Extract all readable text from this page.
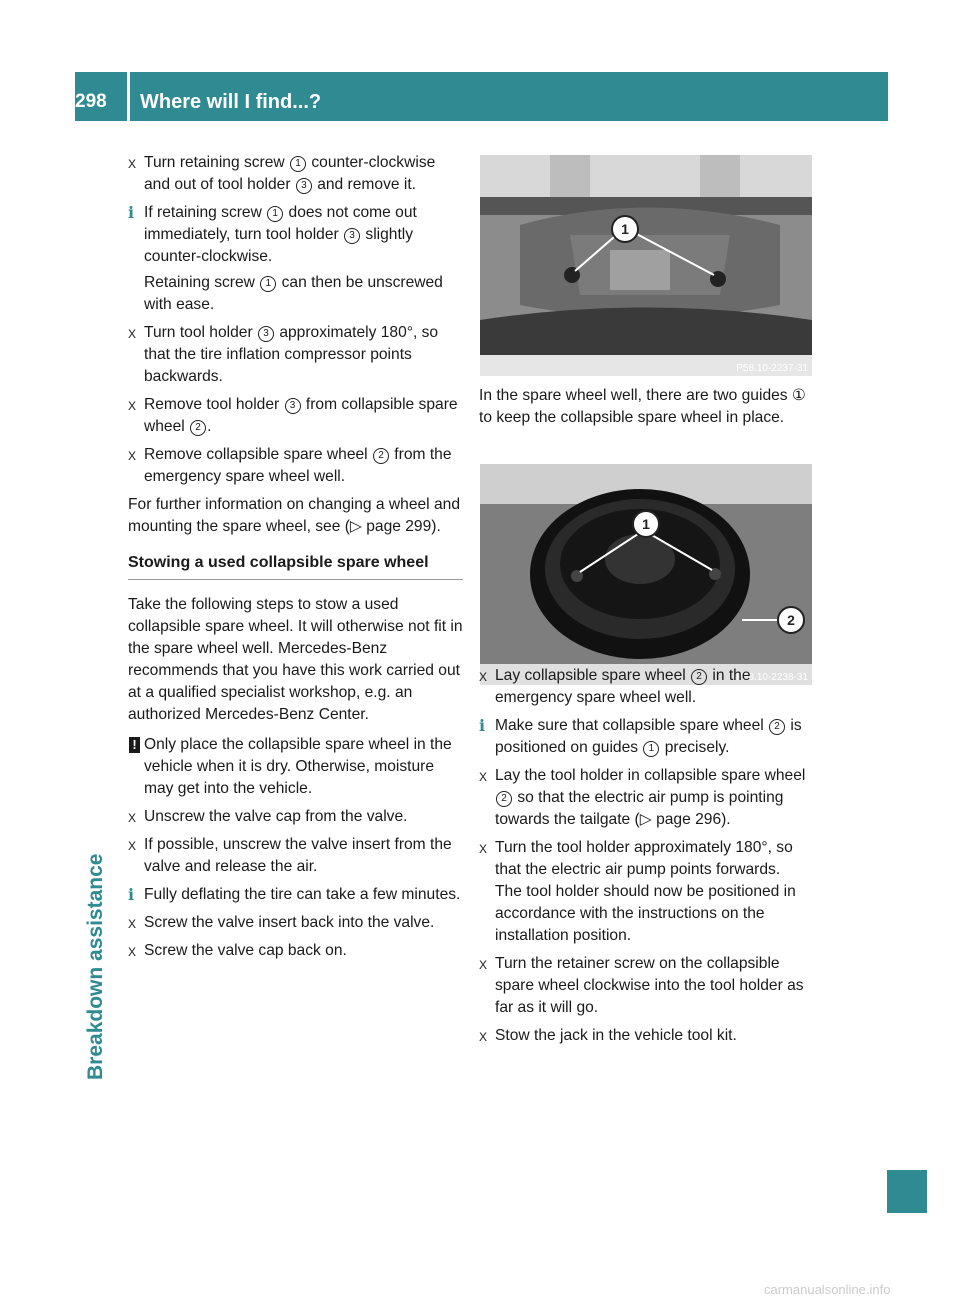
298	Where will I find...?
Breakdown assistance
X Turn retaining screw 1 counter-clockwise and out of tool holder 3 and remove it.
i If retaining screw 1 does not come out immediately, turn tool holder 3 slightly counter-clockwise.
Retaining screw 1 can then be unscrewed with ease.
X Turn tool holder 3 approximately 180°, so that the tire inflation compressor points backwards.
X Remove tool holder 3 from collapsible spare wheel 2 .
X Remove collapsible spare wheel 2 from the emergency spare wheel well.
For further information on changing a wheel and mounting the spare wheel, see (▷ page 299).
Stowing a used collapsible spare wheel
Take the following steps to stow a used collapsible spare wheel. It will otherwise not fit in the spare wheel well. Mercedes-Benz recommends that you have this work carried out at a qualified specialist workshop, e.g. an authorized Mercedes-Benz Center.
! Only place the collapsible spare wheel in the vehicle when it is dry. Otherwise, moisture may get into the vehicle.
X Unscrew the valve cap from the valve.
X If possible, unscrew the valve insert from the valve and release the air.
i Fully deflating the tire can take a few minutes.
X Screw the valve insert back into the valve.
X Screw the valve cap back on.
1
P58.10-2237-31
1
2
P58.10-2238-31
In the spare wheel well, there are two guides ① to keep the collapsible spare wheel in place.
X Lay collapsible spare wheel 2 in the emergency spare wheel well.
i Make sure that collapsible spare wheel 2 is positioned on guides 1 precisely.
X Lay the tool holder in collapsible spare wheel 2 so that the electric air pump is pointing towards the tailgate (▷ page 296).
X Turn the tool holder approximately 180°, so that the electric air pump points forwards.
The tool holder should now be positioned in accordance with the instructions on the installation position.
X Turn the retainer screw on the collapsible spare wheel clockwise into the tool holder as far as it will go.
X Stow the jack in the vehicle tool kit.
carmanualsonline.info
